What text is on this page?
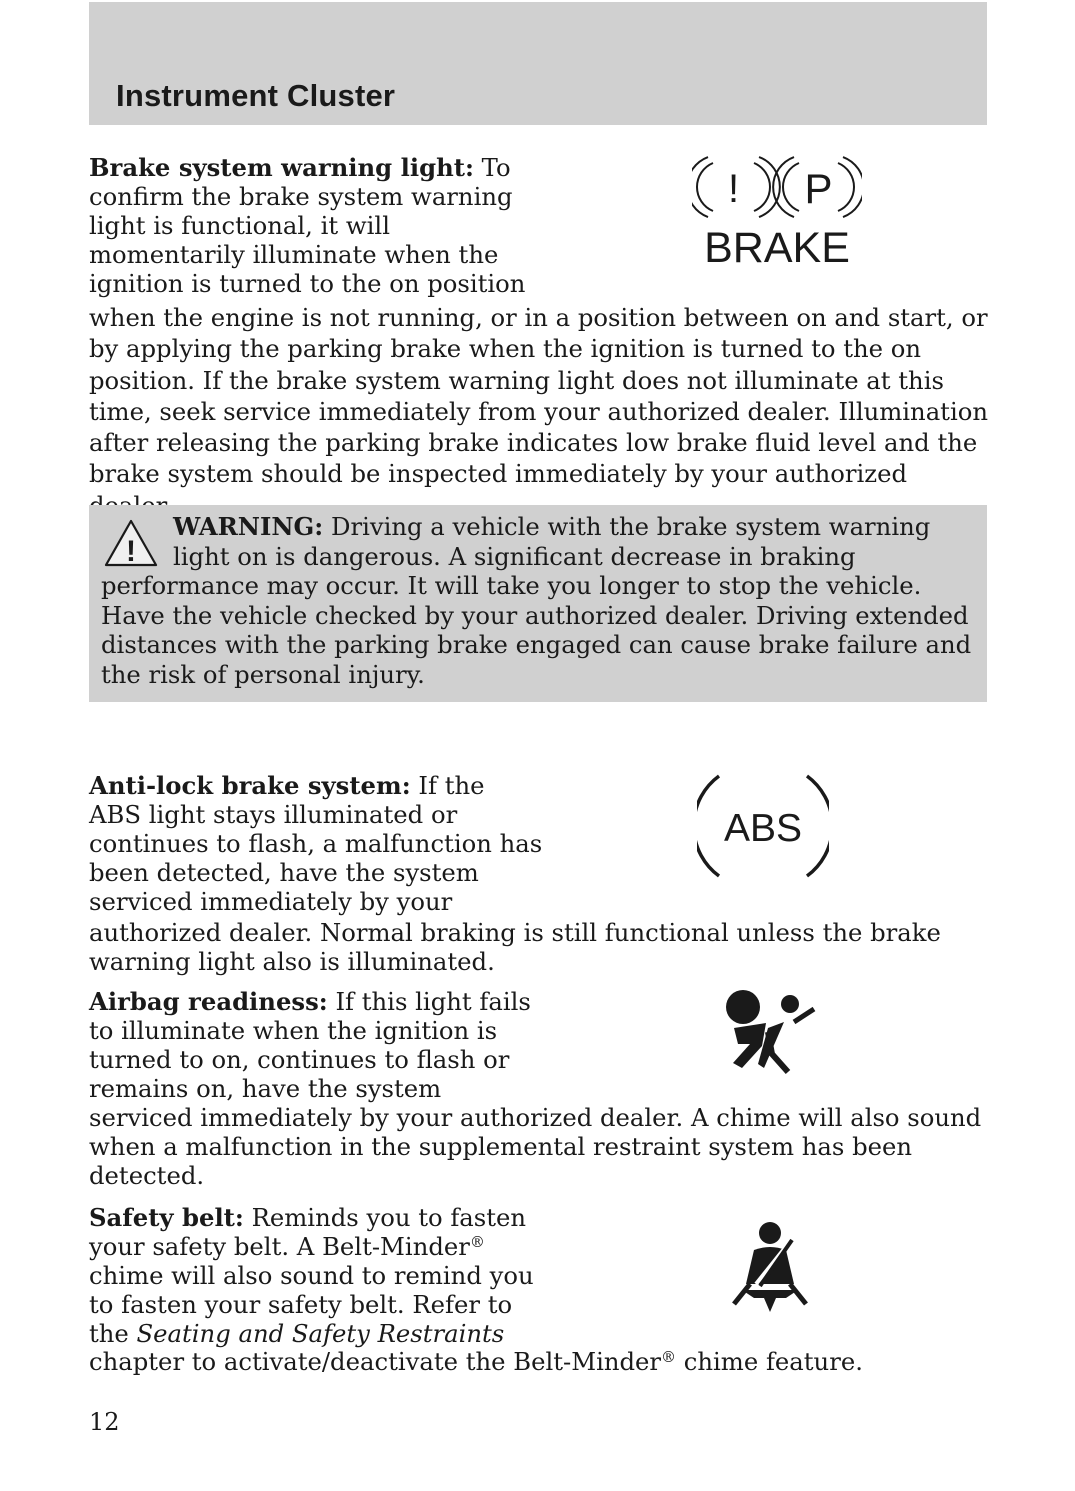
Instrument Cluster
Brake system warning light: To confirm the brake system warning light is functional, it will momentarily illuminate when the ignition is turned to the on position
when the engine is not running, or in a position between on and start, or by applying the parking brake when the ignition is turned to the on position. If the brake system warning light does not illuminate at this time, seek service immediately from your authorized dealer. Illumination after releasing the parking brake indicates low brake fluid level and the brake system should be inspected immediately by your authorized
! P
BRAKE
!
WARNING: Driving a vehicle with the brake system warning light on is dangerous. A significant decrease in braking performance may occur. It will take you longer to stop the vehicle. Have the vehicle checked by your authorized dealer. Driving extended distances with the parking brake engaged can cause brake failure and the risk of personal injury.
Anti-lock brake system: If the ABS light stays illuminated or continues to flash, a malfunction has been detected, have the system serviced immediately by your
authorized dealer. Normal braking is still functional unless the brake warning light also is illuminated.
ABS
Airbag readiness: If this light fails to illuminate when the ignition is turned to on, continues to flash or remains on, have the system
serviced immediately by your authorized dealer. A chime will also sound when a malfunction in the supplemental restraint system has been detected.
Safety belt: Reminds you to fasten your safety belt. A Belt-Minder® chime will also sound to remind you to fasten your safety belt. Refer to the Seating and Safety Restraints
chapter to activate/deactivate the Belt-Minder® chime feature.
12
